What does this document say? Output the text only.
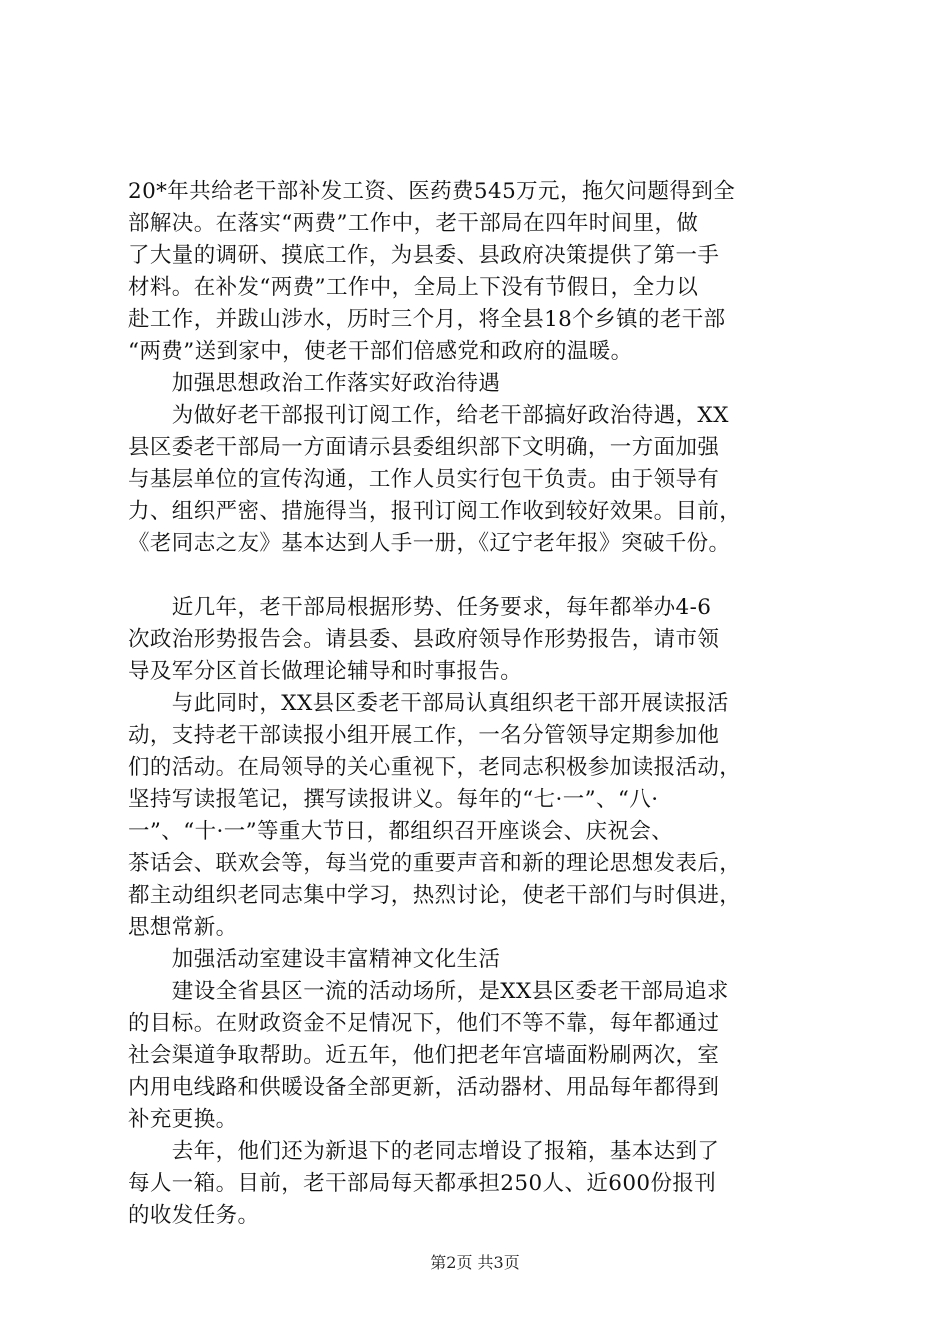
20*年共给老干部补发工资、医药费545万元，拖欠问题得到全
部解决。在落实“两费”工作中，老干部局在四年时间里，做
了大量的调研、摸底工作，为县委、县政府决策提供了第一手
材料。在补发“两费”工作中，全局上下没有节假日，全力以
赴工作，并跋山涉水，历时三个月，将全县18个乡镇的老干部
“两费”送到家中，使老干部们倍感党和政府的温暖。
　　加强思想政治工作落实好政治待遇
　　为做好老干部报刊订阅工作，给老干部搞好政治待遇，XX
县区委老干部局一方面请示县委组织部下文明确，一方面加强
与基层单位的宣传沟通，工作人员实行包干负责。由于领导有
力、组织严密、措施得当，报刊订阅工作收到较好效果。目前，
《老同志之友》基本达到人手一册，《辽宁老年报》突破千份。
　　近几年，老干部局根据形势、任务要求，每年都举办4-6
次政治形势报告会。请县委、县政府领导作形势报告，请市领
导及军分区首长做理论辅导和时事报告。
　　与此同时，XX县区委老干部局认真组织老干部开展读报活
动，支持老干部读报小组开展工作，一名分管领导定期参加他
们的活动。在局领导的关心重视下，老同志积极参加读报活动，
坚持写读报笔记，撰写读报讲义。每年的“七·一”、“八·
一”、“十·一”等重大节日，都组织召开座谈会、庆祝会、
茶话会、联欢会等，每当党的重要声音和新的理论思想发表后，
都主动组织老同志集中学习，热烈讨论，使老干部们与时俱进，
思想常新。
　　加强活动室建设丰富精神文化生活
　　建设全省县区一流的活动场所，是XX县区委老干部局追求
的目标。在财政资金不足情况下，他们不等不靠，每年都通过
社会渠道争取帮助。近五年，他们把老年宫墙面粉刷两次，室
内用电线路和供暖设备全部更新，活动器材、用品每年都得到
补充更换。
　　去年，他们还为新退下的老同志增设了报箱，基本达到了
每人一箱。目前，老干部局每天都承担250人、近600份报刊
的收发任务。
第2页 共3页
